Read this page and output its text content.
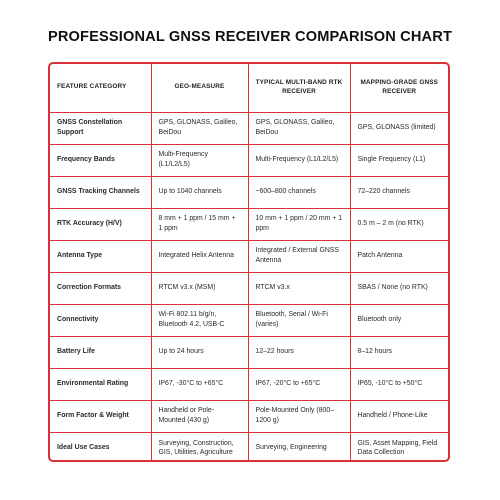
PROFESSIONAL GNSS RECEIVER COMPARISON CHART
FEATURE CATEGORY	GEO-MEASURE	TYPICAL MULTI-BAND RTK RECEIVER	MAPPING-GRADE GNSS RECEIVER
GNSS Constellation Support	GPS, GLONASS, Galileo, BeiDou	GPS, GLONASS, Galileo, BeiDou	GPS, GLONASS (limited)
Frequency Bands	Multi-Frequency (L1/L2/L5)	Multi-Frequency (L1/L2/L5)	Single Frequency (L1)
GNSS Tracking Channels	Up to 1040 channels	~600–800 channels	72–220 channels
RTK Accuracy (H/V)	8 mm + 1 ppm / 15 mm + 1 ppm	10 mm + 1 ppm / 20 mm + 1 ppm	0.5 m – 2 m (no RTK)
Antenna Type	Integrated Helix Antenna	Integrated / External GNSS Antenna	Patch Antenna
Correction Formats	RTCM v3.x (MSM)	RTCM v3.x	SBAS / None (no RTK)
Connectivity	Wi-Fi 802.11 b/g/n, Bluetooth 4.2, USB-C	Bluetooth, Serial / Wi-Fi (varies)	Bluetooth only
Battery Life	Up to 24 hours	12–22 hours	8–12 hours
Environmental Rating	IP67, -30°C to +65°C	IP67, -20°C to +65°C	IP65, -10°C to +50°C
Form Factor & Weight	Handheld or Pole-Mounted (430 g)	Pole-Mounted Only (800–1200 g)	Handheld / Phone-Like
Ideal Use Cases	Surveying, Construction, GIS, Utilities, Agriculture	Surveying, Engineering	GIS, Asset Mapping, Field Data Collection
